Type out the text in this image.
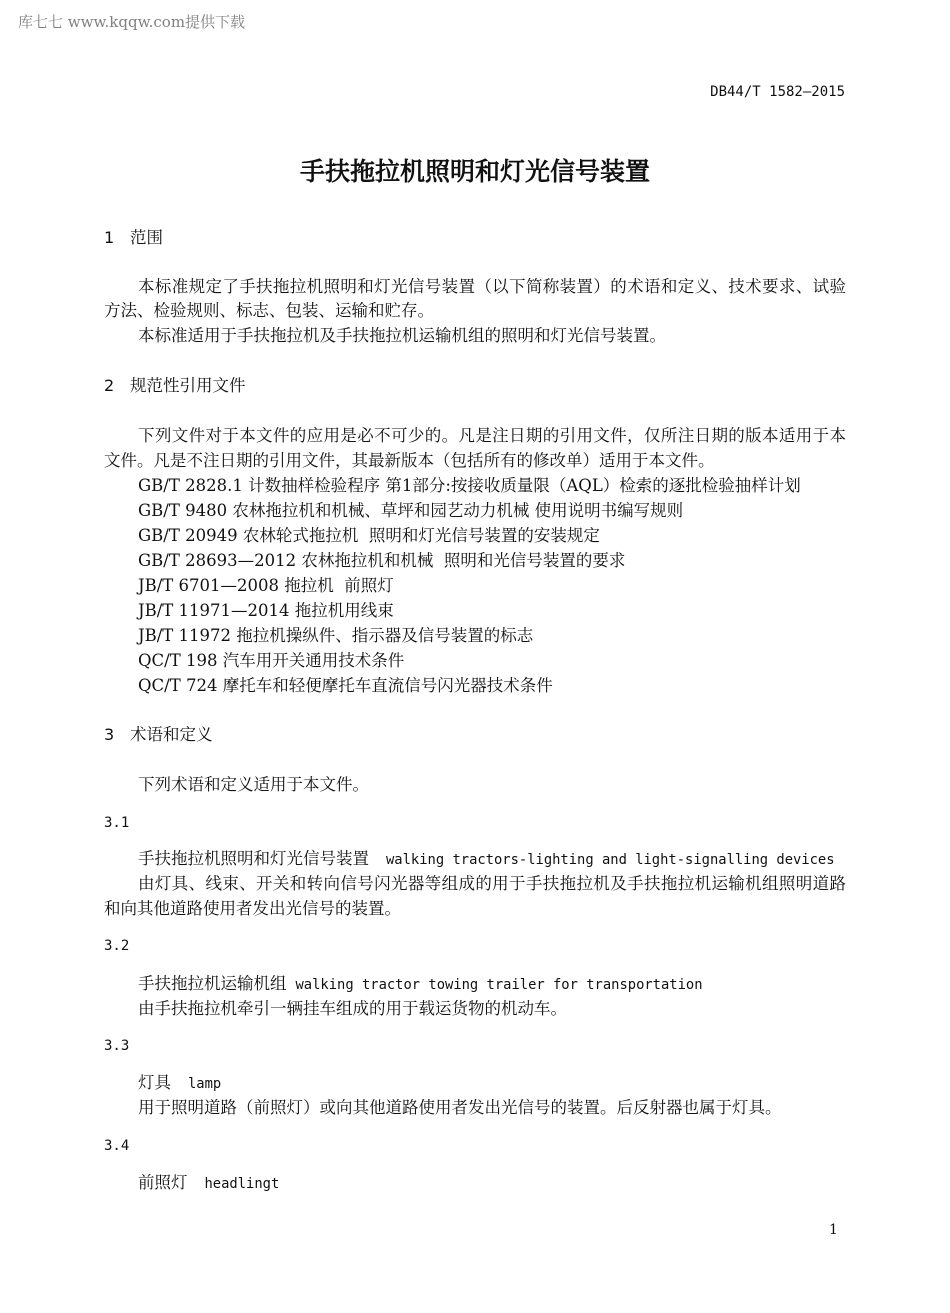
库七七 www.kqqw.com提供下载
DB44/T 1582—2015
手扶拖拉机照明和灯光信号装置
1 范围
本标准规定了手扶拖拉机照明和灯光信号装置（以下简称装置）的术语和定义、技术要求、试验
方法、检验规则、标志、包装、运输和贮存。
本标准适用于手扶拖拉机及手扶拖拉机运输机组的照明和灯光信号装置。
2 规范性引用文件
下列文件对于本文件的应用是必不可少的。凡是注日期的引用文件，仅所注日期的版本适用于本
文件。凡是不注日期的引用文件，其最新版本（包括所有的修改单）适用于本文件。
GB/T 2828.1 计数抽样检验程序 第1部分:按接收质量限（AQL）检索的逐批检验抽样计划
GB/T 9480 农林拖拉机和机械、草坪和园艺动力机械 使用说明书编写规则
GB/T 20949 农林轮式拖拉机  照明和灯光信号装置的安装规定
GB/T 28693—2012 农林拖拉机和机械  照明和光信号装置的要求
JB/T 6701—2008 拖拉机  前照灯
JB/T 11971—2014 拖拉机用线束
JB/T 11972 拖拉机操纵件、指示器及信号装置的标志
QC/T 198 汽车用开关通用技术条件
QC/T 724 摩托车和轻便摩托车直流信号闪光器技术条件
3 术语和定义
下列术语和定义适用于本文件。
3.1
手扶拖拉机照明和灯光信号装置 walking tractors-lighting and light-signalling devices
由灯具、线束、开关和转向信号闪光器等组成的用于手扶拖拉机及手扶拖拉机运输机组照明道路
和向其他道路使用者发出光信号的装置。
3.2
手扶拖拉机运输机组 walking tractor towing trailer for transportation
由手扶拖拉机牵引一辆挂车组成的用于载运货物的机动车。
3.3
灯具 lamp
用于照明道路（前照灯）或向其他道路使用者发出光信号的装置。后反射器也属于灯具。
3.4
前照灯 headlingt
1
